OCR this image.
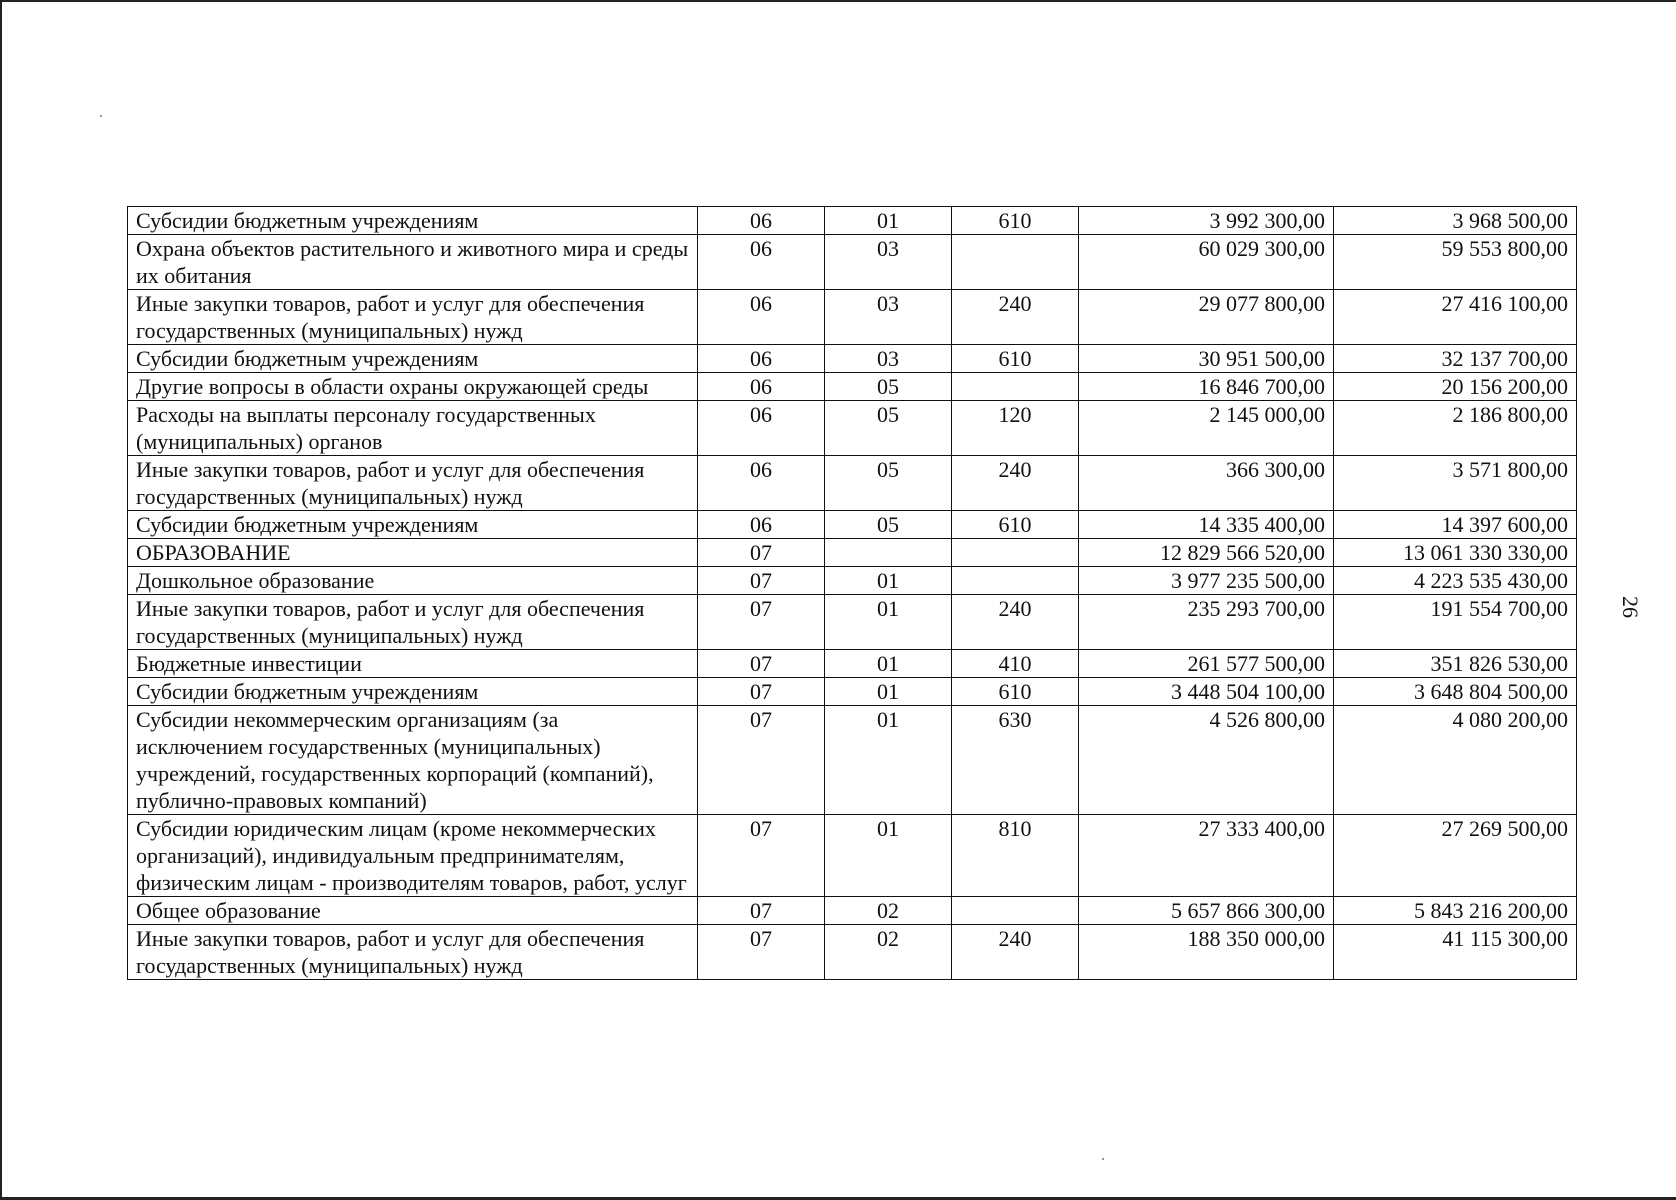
26
Субсидии бюджетным учреждениям	06	01	610	3 992 300,00	3 968 500,00
Охрана объектов растительного и животного мира и среды их обитания	06	03		60 029 300,00	59 553 800,00
Иные закупки товаров, работ и услуг для обеспечения государственных (муниципальных) нужд	06	03	240	29 077 800,00	27 416 100,00
Субсидии бюджетным учреждениям	06	03	610	30 951 500,00	32 137 700,00
Другие вопросы в области охраны окружающей среды	06	05		16 846 700,00	20 156 200,00
Расходы на выплаты персоналу государственных (муниципальных) органов	06	05	120	2 145 000,00	2 186 800,00
Иные закупки товаров, работ и услуг для обеспечения государственных (муниципальных) нужд	06	05	240	366 300,00	3 571 800,00
Субсидии бюджетным учреждениям	06	05	610	14 335 400,00	14 397 600,00
ОБРАЗОВАНИЕ	07			12 829 566 520,00	13 061 330 330,00
Дошкольное образование	07	01		3 977 235 500,00	4 223 535 430,00
Иные закупки товаров, работ и услуг для обеспечения государственных (муниципальных) нужд	07	01	240	235 293 700,00	191 554 700,00
Бюджетные инвестиции	07	01	410	261 577 500,00	351 826 530,00
Субсидии бюджетным учреждениям	07	01	610	3 448 504 100,00	3 648 804 500,00
Субсидии некоммерческим организациям (за исключением государственных (муниципальных) учреждений, государственных корпораций (компаний), публично-правовых компаний)	07	01	630	4 526 800,00	4 080 200,00
Субсидии юридическим лицам (кроме некоммерческих организаций), индивидуальным предпринимателям, физическим лицам - производителям товаров, работ, услуг	07	01	810	27 333 400,00	27 269 500,00
Общее образование	07	02		5 657 866 300,00	5 843 216 200,00
Иные закупки товаров, работ и услуг для обеспечения государственных (муниципальных) нужд	07	02	240	188 350 000,00	41 115 300,00
